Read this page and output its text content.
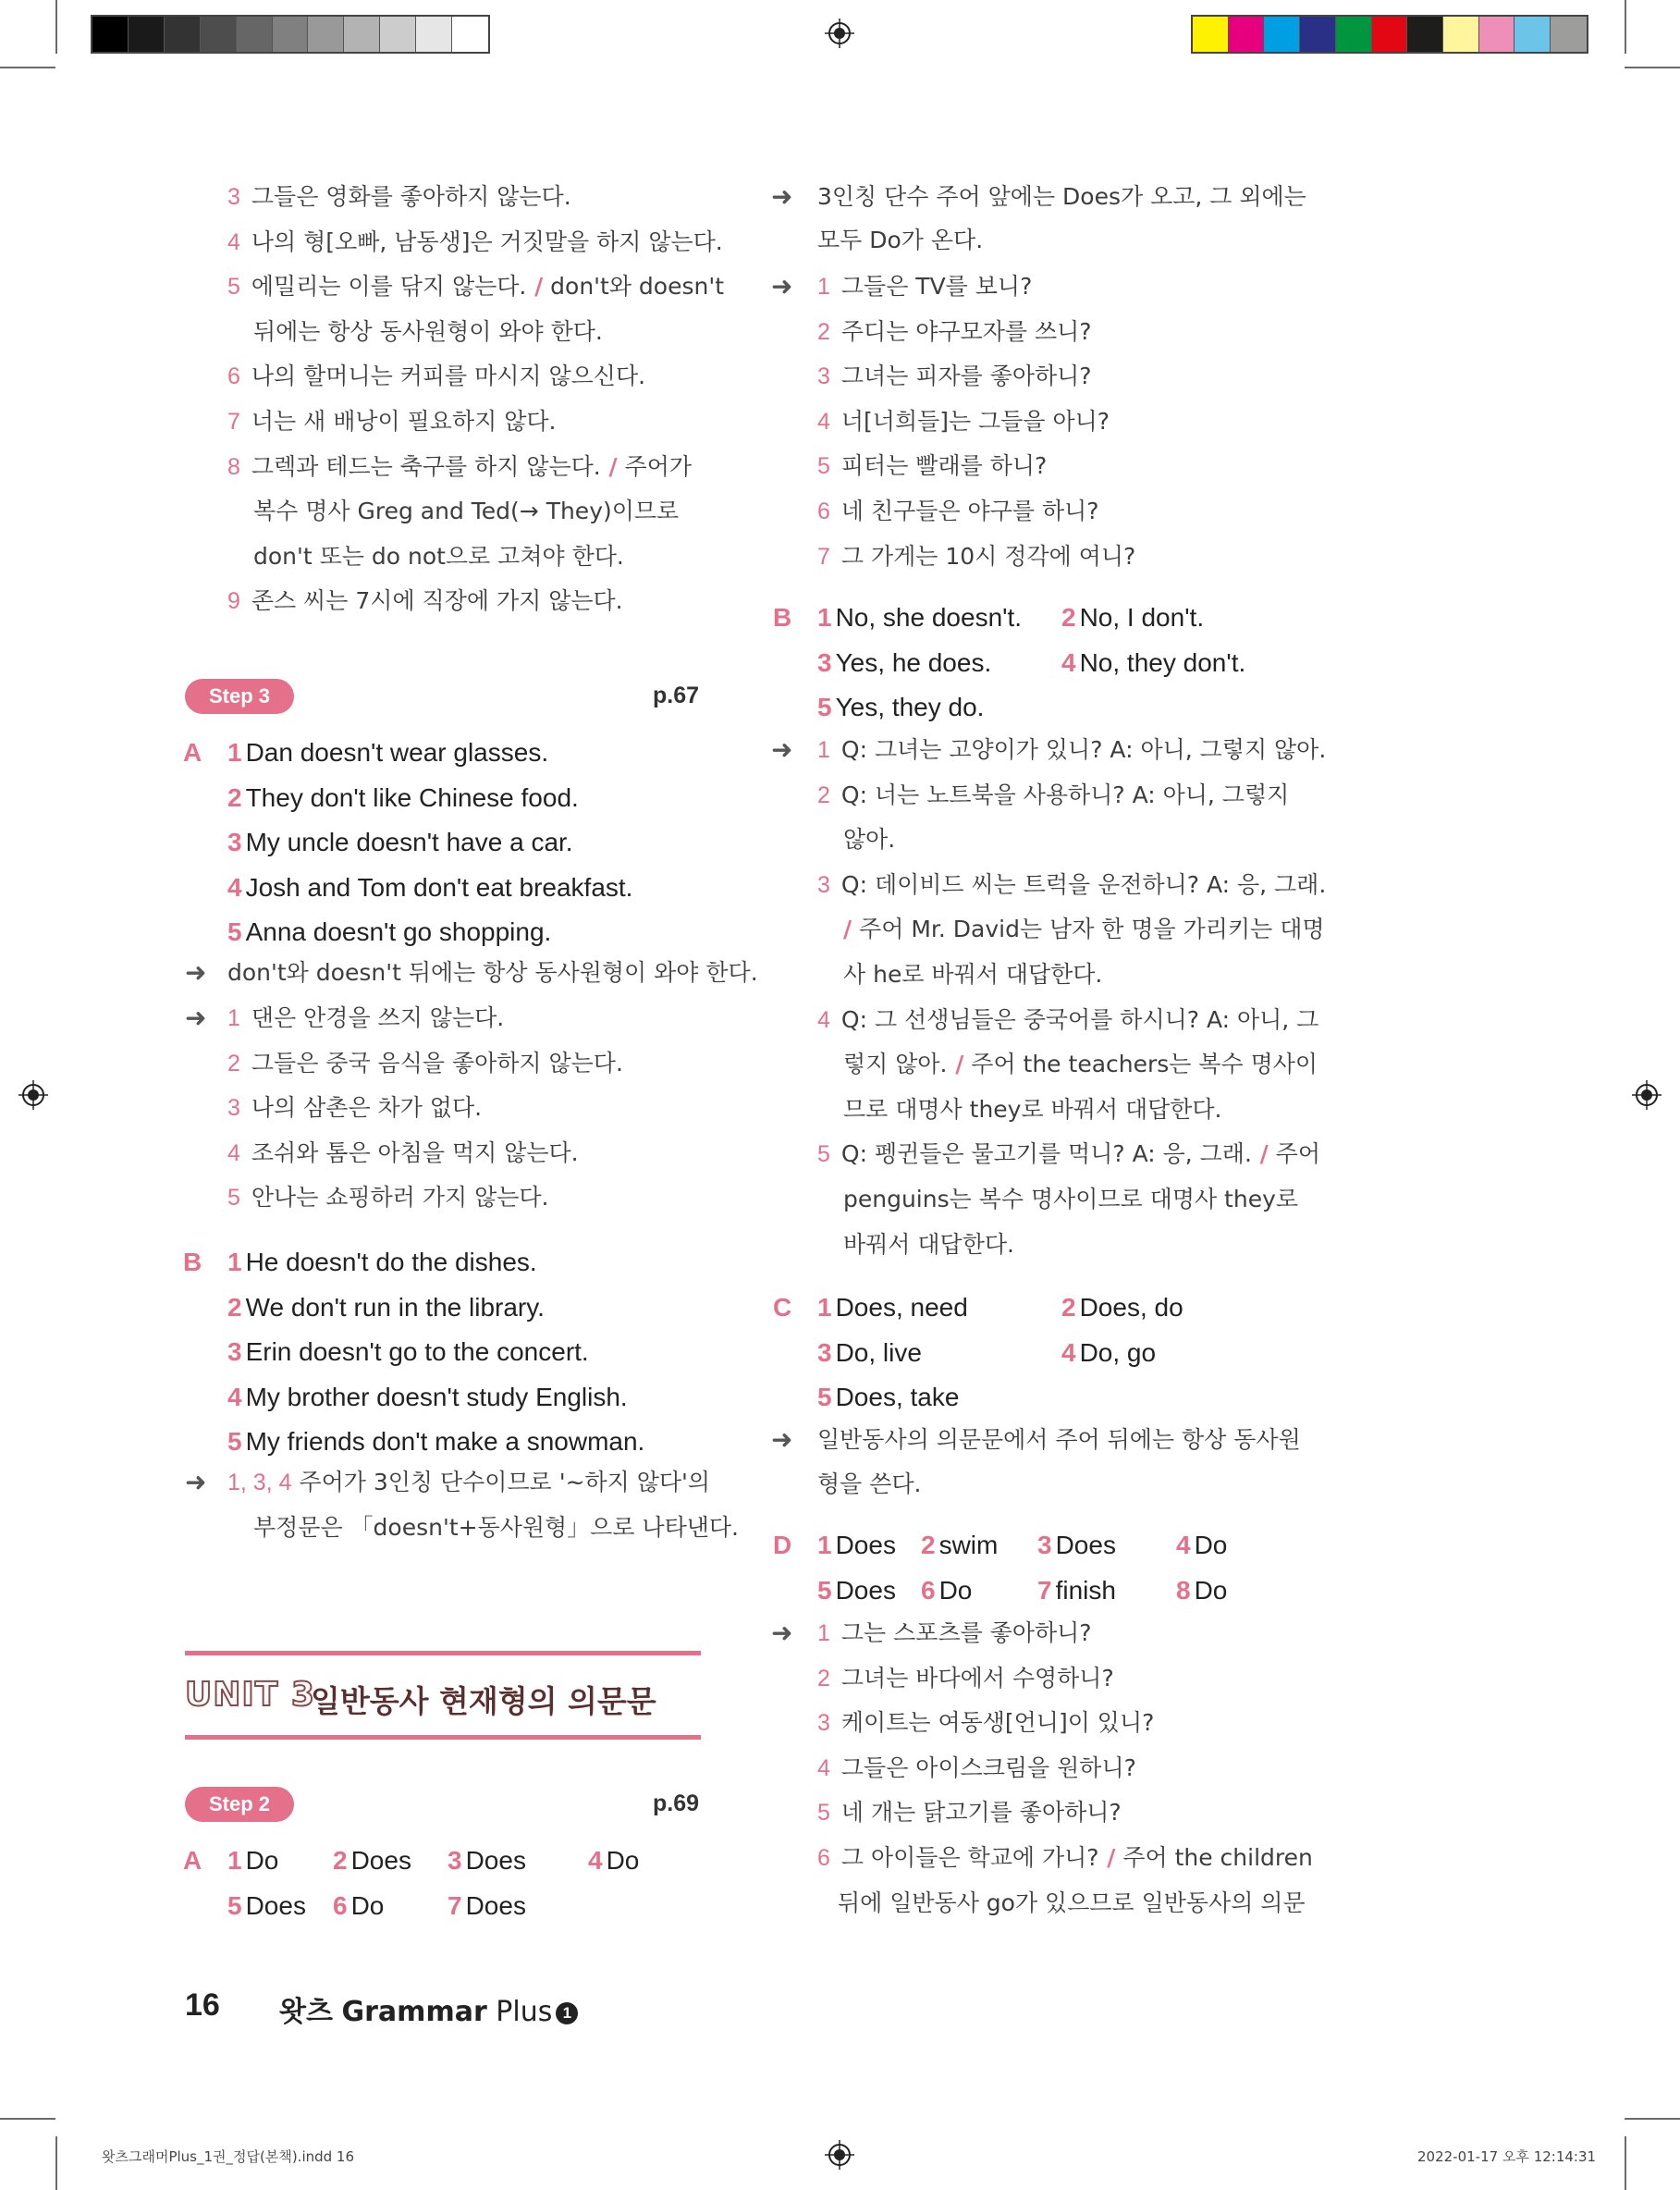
3 그들은 영화를 좋아하지 않는다.
4 나의 형[오빠, 남동생]은 거짓말을 하지 않는다.
5 에밀리는 이를 닦지 않는다. / don't와 doesn't
뒤에는 항상 동사원형이 와야 한다.
6 나의 할머니는 커피를 마시지 않으신다.
7 너는 새 배낭이 필요하지 않다.
8 그렉과 테드는 축구를 하지 않는다. / 주어가
복수 명사 Greg and Ted(→ They)이므로
don't 또는 do not으로 고쳐야 한다.
9 존스 씨는 7시에 직장에 가지 않는다.
Step 3	p.67
A 1 Dan doesn't wear glasses.
2 They don't like Chinese food.
3 My uncle doesn't have a car.
4 Josh and Tom don't eat breakfast.
5 Anna doesn't go shopping.
➜ don't와 doesn't 뒤에는 항상 동사원형이 와야 한다.
➜ 1 댄은 안경을 쓰지 않는다.
2 그들은 중국 음식을 좋아하지 않는다.
3 나의 삼촌은 차가 없다.
4 조쉬와 톰은 아침을 먹지 않는다.
5 안나는 쇼핑하러 가지 않는다.
B 1 He doesn't do the dishes.
2 We don't run in the library.
3 Erin doesn't go to the concert.
4 My brother doesn't study English.
5 My friends don't make a snowman.
➜ 1, 3, 4 주어가 3인칭 단수이므로 '~하지 않다'의
부정문은 「doesn't+동사원형」으로 나타낸다.
UNIT 3
일반동사 현재형의 의문문
Step 2	p.69
A 1 Do 2 Does 3 Does 4 Do
5 Does 6 Do 7 Does
➜ 3인칭 단수 주어 앞에는 Does가 오고, 그 외에는
모두 Do가 온다.
➜ 1 그들은 TV를 보니?
2 주디는 야구모자를 쓰니?
3 그녀는 피자를 좋아하니?
4 너[너희들]는 그들을 아니?
5 피터는 빨래를 하니?
6 네 친구들은 야구를 하니?
7 그 가게는 10시 정각에 여니?
B 1 No, she doesn't. 2 No, I don't.
3 Yes, he does.	4 No, they don't.
5 Yes, they do.
➜ 1 Q: 그녀는 고양이가 있니? A: 아니, 그렇지 않아.
2 Q: 너는 노트북을 사용하니? A: 아니, 그렇지
않아.
3 Q: 데이비드 씨는 트럭을 운전하니? A: 응, 그래.
/ 주어 Mr. David는 남자 한 명을 가리키는 대명
사 he로 바꿔서 대답한다.
4 Q: 그 선생님들은 중국어를 하시니? A: 아니, 그
렇지 않아. / 주어 the teachers는 복수 명사이
므로 대명사 they로 바꿔서 대답한다.
5 Q: 펭귄들은 물고기를 먹니? A: 응, 그래. / 주어
penguins는 복수 명사이므로 대명사 they로
바꿔서 대답한다.
C 1 Does, need	2 Does, do
3 Do, live	4 Do, go
5 Does, take
➜ 일반동사의 의문문에서 주어 뒤에는 항상 동사원
형을 쓴다.
D 1 Does 2 swim 3 Does 4 Do
5 Does 6 Do	7 finish 8 Do
➜ 1 그는 스포츠를 좋아하니?
2 그녀는 바다에서 수영하니?
3 케이트는 여동생[언니]이 있니?
4 그들은 아이스크림을 원하니?
5 네 개는 닭고기를 좋아하니?
6 그 아이들은 학교에 가니? / 주어 the children
뒤에 일반동사 go가 있으므로 일반동사의 의문
16 왓츠 Grammar Plus 1
왓츠그래머Plus_1권_정답(본책).indd 16	2022-01-17 오후 12:14:31
